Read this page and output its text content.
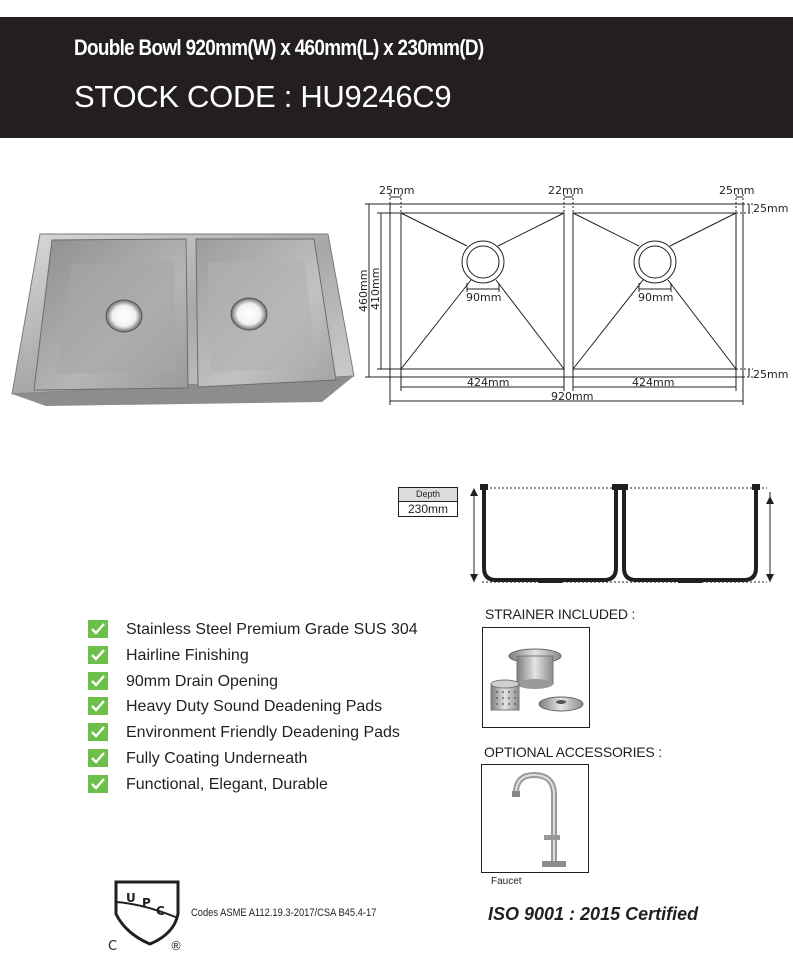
Double Bowl 920mm(W) x 460mm(L) x 230mm(D)
STOCK CODE : HU9246C9
25mm	22mm	25mm
25mm
25mm
460mm 410mm	90mm	90mm
424mm	424mm
920mm
Depth
230mm
Stainless Steel Premium Grade SUS 304
Hairline Finishing
90mm Drain Opening
Heavy Duty Sound Deadening Pads
Environment Friendly Deadening Pads
Fully Coating Underneath
Functional, Elegant, Durable
STRAINER INCLUDED :
OPTIONAL ACCESSORIES :
Faucet
U P
C
C	®
Codes ASME A112.19.3-2017/CSA B45.4-17	ISO 9001 : 2015 Certified
